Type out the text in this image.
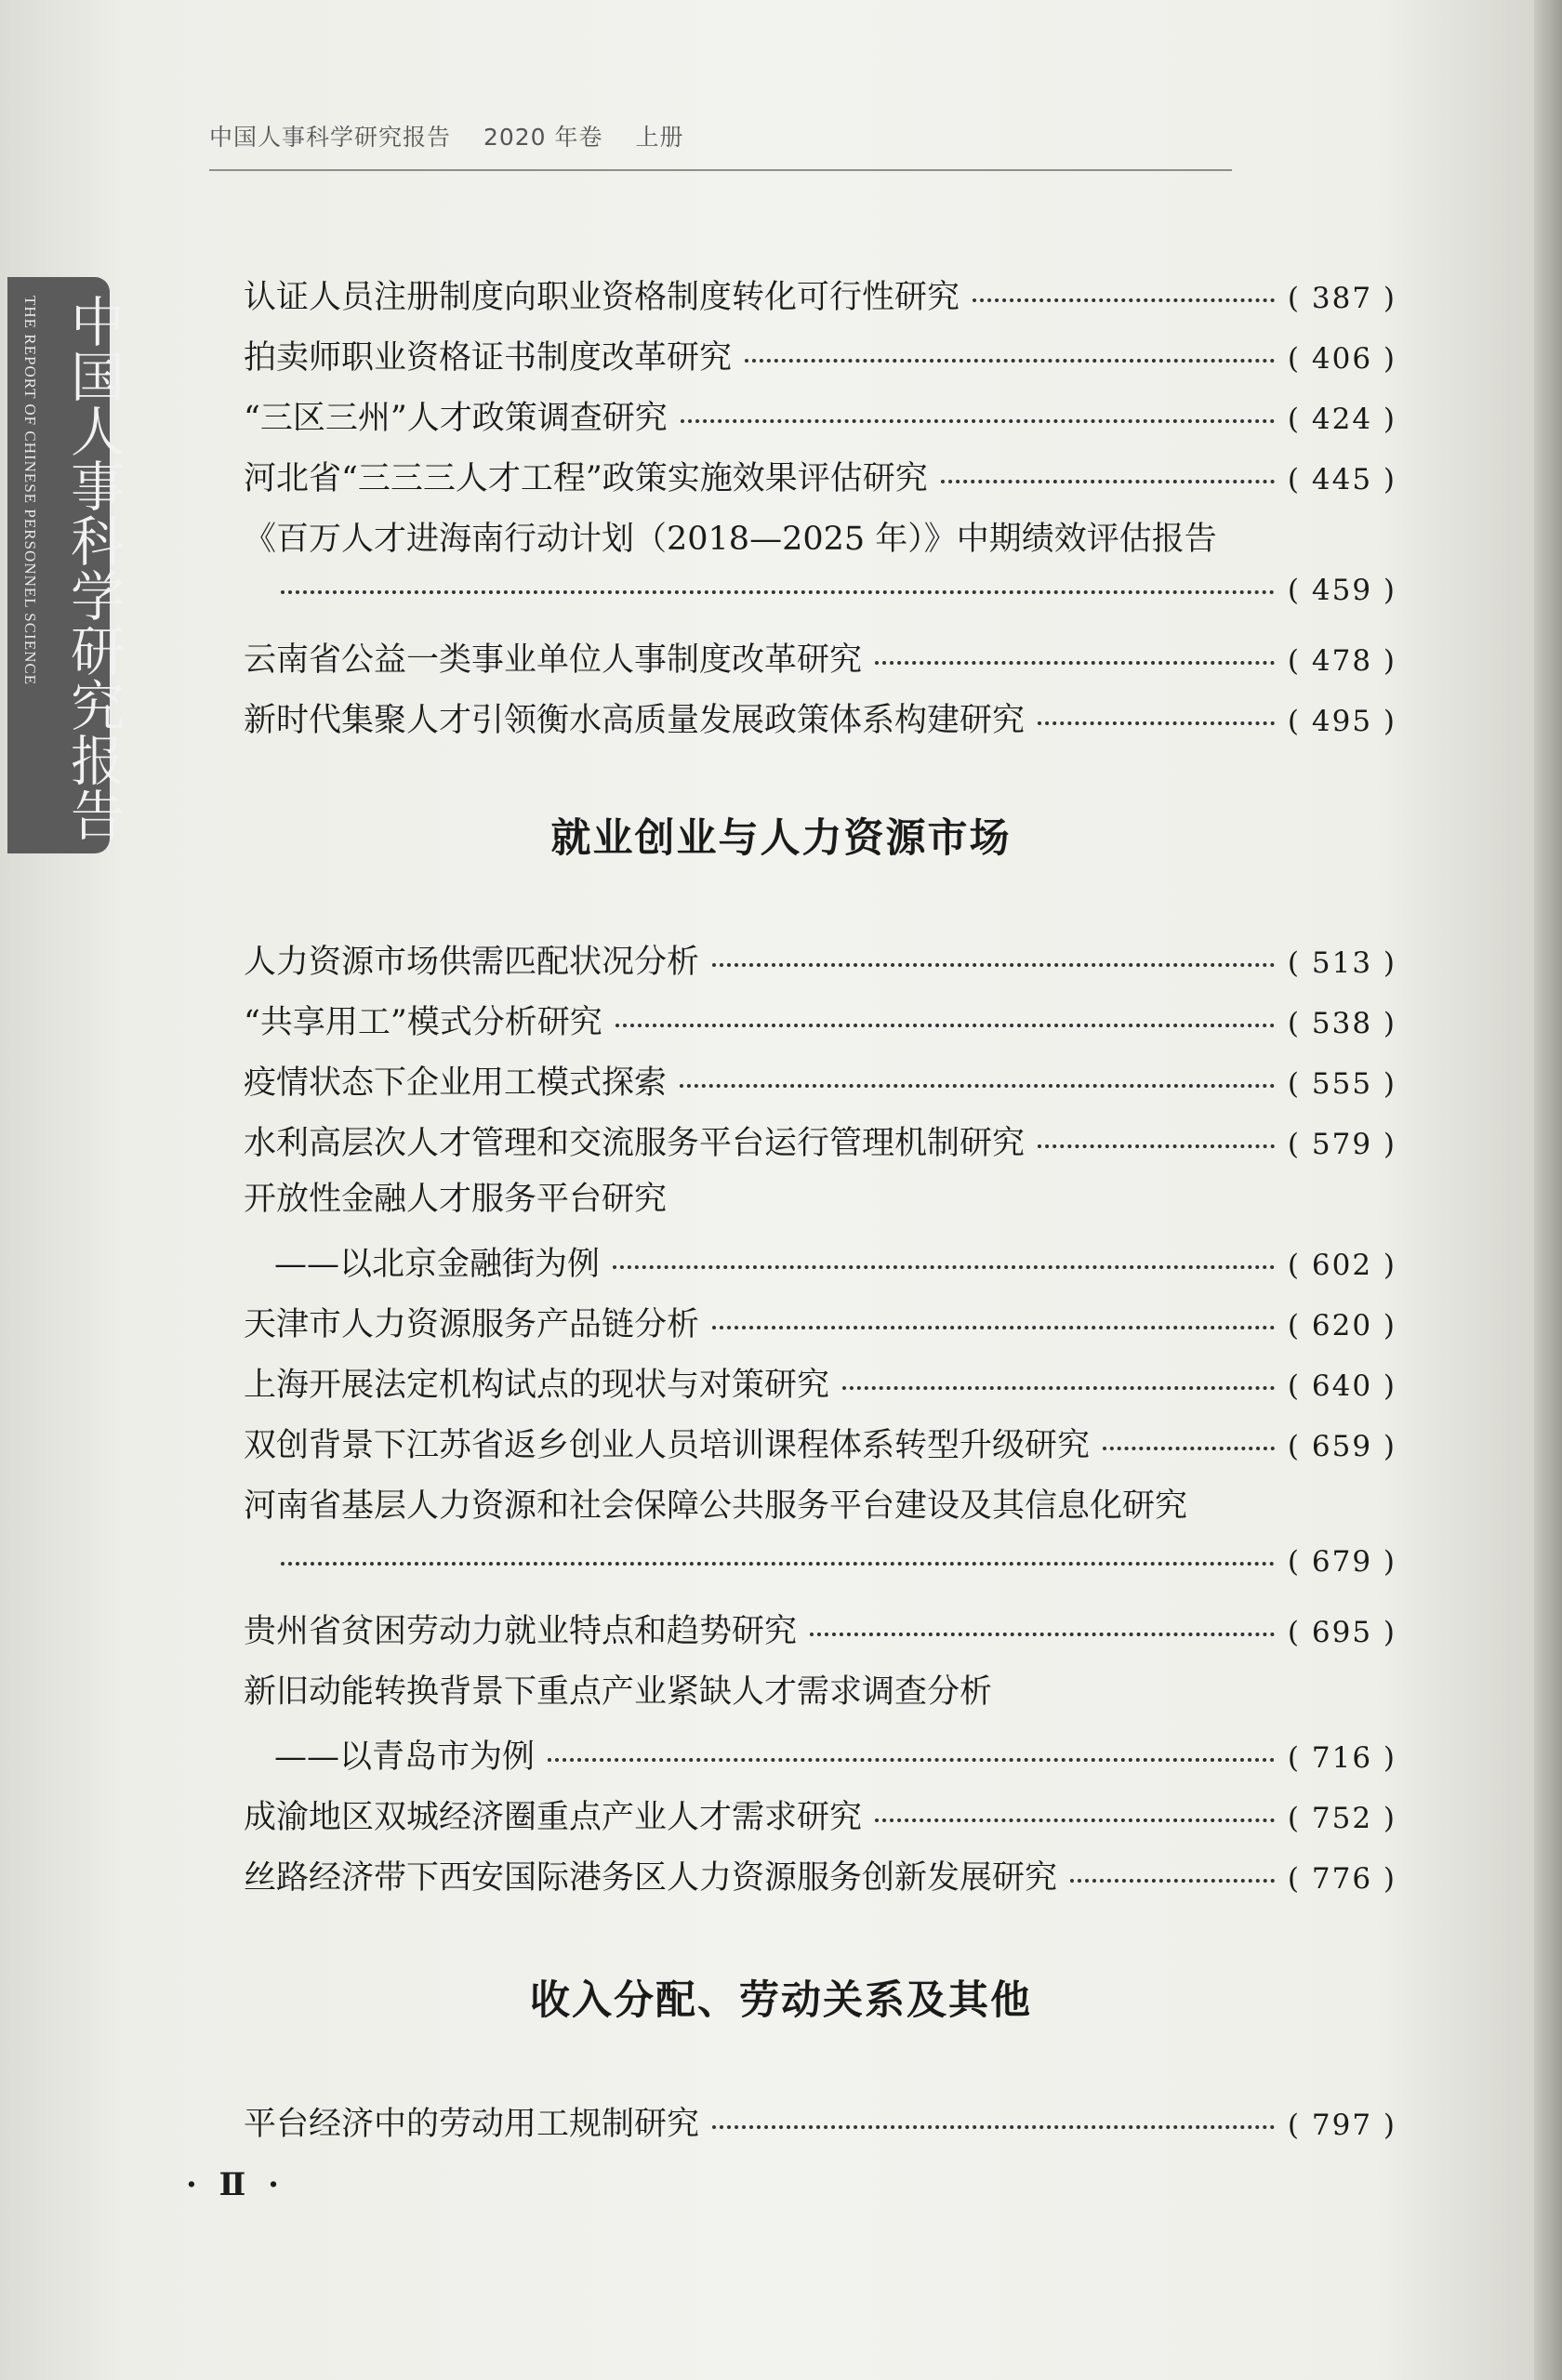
中国人事科学研究报告 2020 年卷 上册
THE REPORT OF CHINESE PERSONNEL SCIENCE 中国人事科学研究报告	认证人员注册制度向职业资格制度转化可行性研究	( 387 )
拍卖师职业资格证书制度改革研究	( 406 )
“三区三州”人才政策调查研究	( 424 )
河北省“三三三人才工程”政策实施效果评估研究	( 445 )
《百万人才进海南行动计划（2018—2025 年）》中期绩效评估报告
( 459 )
云南省公益一类事业单位人事制度改革研究	( 478 )
新时代集聚人才引领衡水高质量发展政策体系构建研究	( 495 )
就业创业与人力资源市场
人力资源市场供需匹配状况分析	( 513 )
“共享用工”模式分析研究	( 538 )
疫情状态下企业用工模式探索	( 555 )
水利高层次人才管理和交流服务平台运行管理机制研究	( 579 )
开放性金融人才服务平台研究
——以北京金融街为例	( 602 )
天津市人力资源服务产品链分析	( 620 )
上海开展法定机构试点的现状与对策研究	( 640 )
双创背景下江苏省返乡创业人员培训课程体系转型升级研究	( 659 )
河南省基层人力资源和社会保障公共服务平台建设及其信息化研究
( 679 )
贵州省贫困劳动力就业特点和趋势研究	( 695 )
新旧动能转换背景下重点产业紧缺人才需求调查分析
——以青岛市为例	( 716 )
成渝地区双城经济圈重点产业人才需求研究	( 752 )
丝路经济带下西安国际港务区人力资源服务创新发展研究	( 776 )
收入分配、劳动关系及其他
平台经济中的劳动用工规制研究	( 797 )
· Ⅱ ·
